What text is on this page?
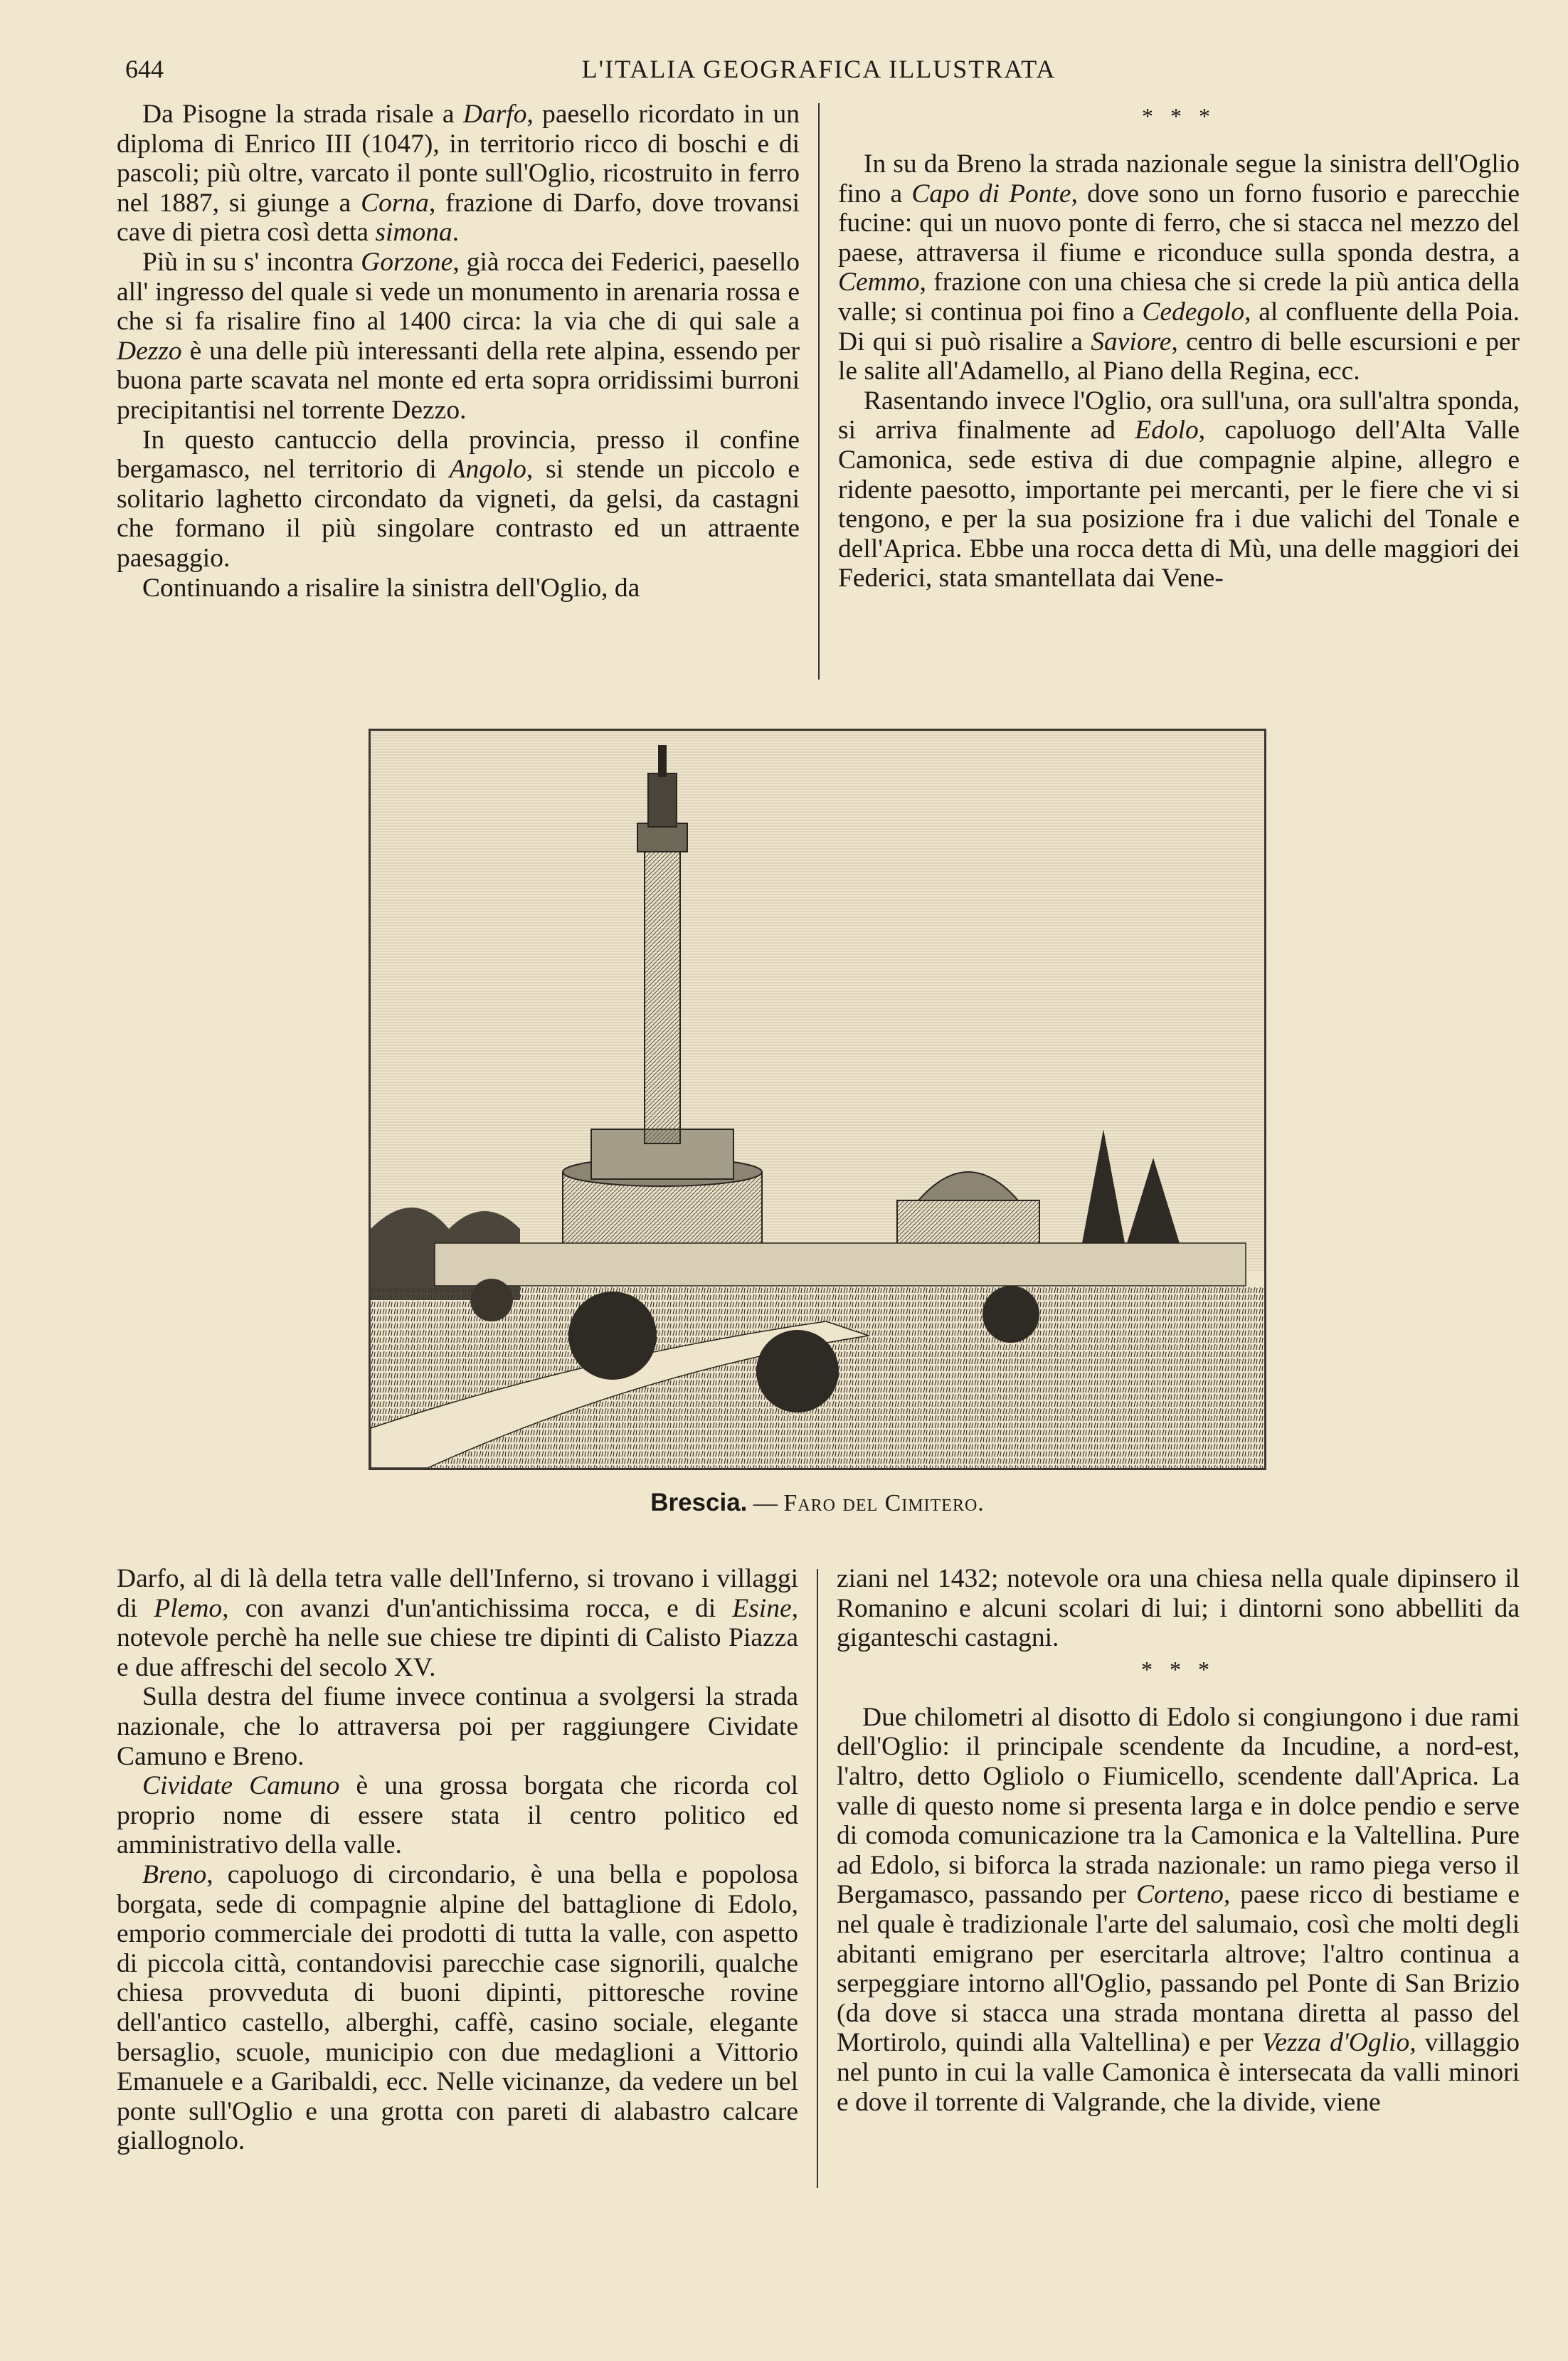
644	L'ITALIA GEOGRAFICA ILLUSTRATA

Da Pisogne la strada risale a Darfo, paesello ricordato in un diploma di Enrico III (1047), in territorio ricco di boschi e di pascoli; più oltre, varcato il ponte sull'Oglio, ricostruito in ferro nel 1887, si giunge a Corna, frazione di Darfo, dove trovansi cave di pietra così detta simona.

Più in su s' incontra Gorzone, già rocca dei Federici, paesello all' ingresso del quale si vede un monumento in arenaria rossa e che si fa risalire fino al 1400 circa: la via che di qui sale a Dezzo è una delle più interessanti della rete alpina, essendo per buona parte scavata nel monte ed erta sopra orridissimi burroni precipitantisi nel torrente Dezzo.

In questo cantuccio della provincia, presso il confine bergamasco, nel territorio di Angolo, si stende un piccolo e solitario laghetto circondato da vigneti, da gelsi, da castagni che formano il più singolare contrasto ed un attraente paesaggio.

Continuando a risalire la sinistra dell'Oglio, da

* * *

In su da Breno la strada nazionale segue la sinistra dell'Oglio fino a Capo di Ponte, dove sono un forno fusorio e parecchie fucine: qui un nuovo ponte di ferro, che si stacca nel mezzo del paese, attraversa il fiume e riconduce sulla sponda destra, a Cemmo, frazione con una chiesa che si crede la più antica della valle; si continua poi fino a Cedegolo, al confluente della Poia. Di qui si può risalire a Saviore, centro di belle escursioni e per le salite all'Adamello, al Piano della Regina, ecc.

Rasentando invece l'Oglio, ora sull'una, ora sull'altra sponda, si arriva finalmente ad Edolo, capoluogo dell'Alta Valle Camonica, sede estiva di due compagnie alpine, allegro e ridente paesotto, importante pei mercanti, per le fiere che vi si tengono, e per la sua posizione fra i due valichi del Tonale e dell'Aprica. Ebbe una rocca detta di Mù, una delle maggiori dei Federici, stata smantellata dai Vene-

Brescia. — Faro del Cimitero.

Darfo, al di là della tetra valle dell'Inferno, si trovano i villaggi di Plemo, con avanzi d'un'antichissima rocca, e di Esine, notevole perchè ha nelle sue chiese tre dipinti di Calisto Piazza e due affreschi del secolo XV.

Sulla destra del fiume invece continua a svolgersi la strada nazionale, che lo attraversa poi per raggiungere Cividate Camuno e Breno.

Cividate Camuno è una grossa borgata che ricorda col proprio nome di essere stata il centro politico ed amministrativo della valle.

Breno, capoluogo di circondario, è una bella e popolosa borgata, sede di compagnie alpine del battaglione di Edolo, emporio commerciale dei prodotti di tutta la valle, con aspetto di piccola città, contandovisi parecchie case signorili, qualche chiesa provveduta di buoni dipinti, pittoresche rovine dell'antico castello, alberghi, caffè, casino sociale, elegante bersaglio, scuole, municipio con due medaglioni a Vittorio Emanuele e a Garibaldi, ecc. Nelle vicinanze, da vedere un bel ponte sull'Oglio e una grotta con pareti di alabastro calcare giallognolo.

ziani nel 1432; notevole ora una chiesa nella quale dipinsero il Romanino e alcuni scolari di lui; i dintorni sono abbelliti da giganteschi castagni.

* * *

Due chilometri al disotto di Edolo si congiungono i due rami dell'Oglio: il principale scendente da Incudine, a nord-est, l'altro, detto Ogliolo o Fiumicello, scendente dall'Aprica. La valle di questo nome si presenta larga e in dolce pendio e serve di comoda comunicazione tra la Camonica e la Valtellina. Pure ad Edolo, si biforca la strada nazionale: un ramo piega verso il Bergamasco, passando per Corteno, paese ricco di bestiame e nel quale è tradizionale l'arte del salumaio, così che molti degli abitanti emigrano per esercitarla altrove; l'altro continua a serpeggiare intorno all'Oglio, passando pel Ponte di San Brizio (da dove si stacca una strada montana diretta al passo del Mortirolo, quindi alla Valtellina) e per Vezza d'Oglio, villaggio nel punto in cui la valle Camonica è intersecata da valli minori e dove il torrente di Valgrande, che la divide, viene
